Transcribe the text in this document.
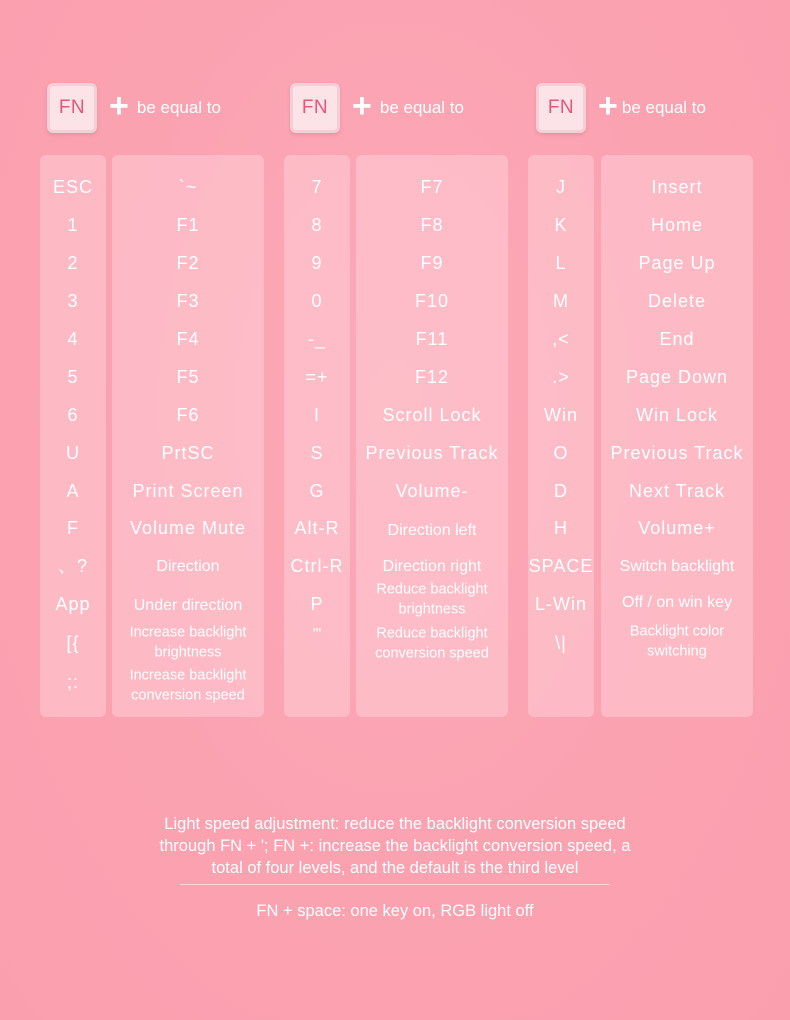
FN + be equal to	FN + be equal to	FN + be equal to
ESC
1
2
3
4
5
6
U
A
F
、?
App
[{
;:
`~
F1
F2
F3
F4
F5
F6
PrtSC
Print Screen
Volume Mute
Direction
Under direction
Increase backlight brightness
Increase backlight conversion speed
7
8
9
0
-_
=+
I
S
G
Alt-R
Ctrl-R
P
'"
F7
F8
F9
F10
F11
F12
Scroll Lock
Previous Track
Volume-
Direction left
Direction right
Reduce backlight brightness
Reduce backlight conversion speed
J
K
L
M
,<
.>
Win
O
D
H
SPACE
L-Win
\|
Insert
Home
Page Up
Delete
End
Page Down
Win Lock
Previous Track
Next Track
Volume+
Switch backlight
Off / on win key
Backlight color switching
Light speed adjustment: reduce the backlight conversion speed
through FN + '; FN +: increase the backlight conversion speed, a
total of four levels, and the default is the third level
FN + space: one key on, RGB light off
